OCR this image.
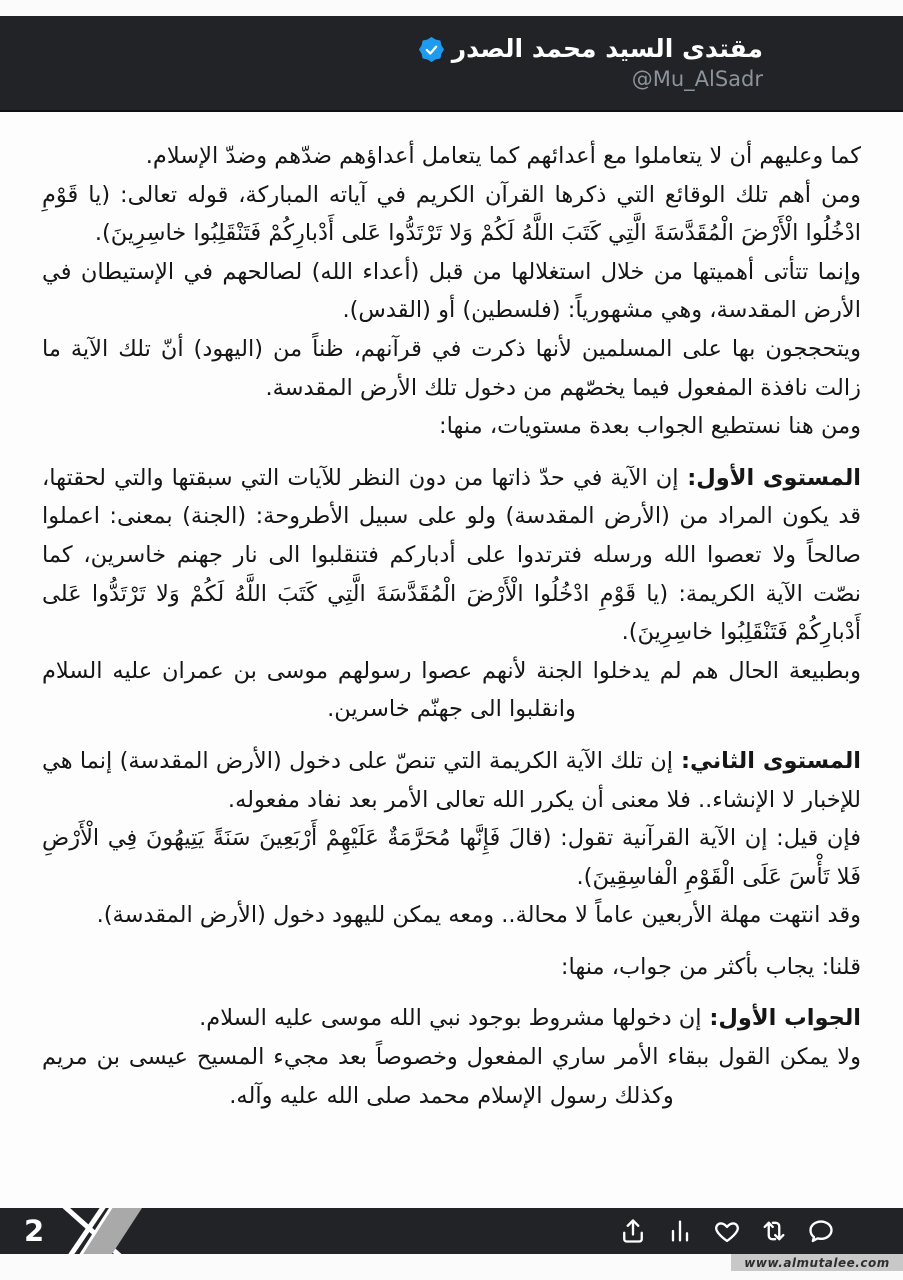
مقتدى السيد محمد الصدر
@Mu_AlSadr

كما وعليهم أن لا يتعاملوا مع أعدائهم كما يتعامل أعداؤهم ضدّهم وضدّ الإسلام.

ومن أهم تلك الوقائع التي ذكرها القرآن الكريم في آياته المباركة، قوله تعالى: (يا قَوْمِ ادْخُلُوا الْأَرْضَ الْمُقَدَّسَةَ الَّتِي كَتَبَ اللَّهُ لَكُمْ وَلا تَرْتَدُّوا عَلى أَدْبارِكُمْ فَتَنْقَلِبُوا خاسِرِينَ).

وإنما تتأتى أهميتها من خلال استغلالها من قبل (أعداء الله) لصالحهم في الإستيطان في الأرض المقدسة، وهي مشهورياً: (فلسطين) أو (القدس).

ويتحججون بها على المسلمين لأنها ذكرت في قرآنهم، ظناً من (اليهود) أنّ تلك الآية ما زالت نافذة المفعول فيما يخصّهم من دخول تلك الأرض المقدسة.

ومن هنا نستطيع الجواب بعدة مستويات، منها:

المستوى الأول: إن الآية في حدّ ذاتها من دون النظر للآيات التي سبقتها والتي لحقتها، قد يكون المراد من (الأرض المقدسة) ولو على سبيل الأطروحة: (الجنة) بمعنى: اعملوا صالحاً ولا تعصوا الله ورسله فترتدوا على أدباركم فتنقلبوا الى نار جهنم خاسرين، كما نصّت الآية الكريمة: (يا قَوْمِ ادْخُلُوا الْأَرْضَ الْمُقَدَّسَةَ الَّتِي كَتَبَ اللَّهُ لَكُمْ وَلا تَرْتَدُّوا عَلى أَدْبارِكُمْ فَتَنْقَلِبُوا خاسِرِينَ).

وبطبيعة الحال هم لم يدخلوا الجنة لأنهم عصوا رسولهم موسى بن عمران عليه السلام وانقلبوا الى جهنّم خاسرين.

المستوى الثاني: إن تلك الآية الكريمة التي تنصّ على دخول (الأرض المقدسة) إنما هي للإخبار لا الإنشاء.. فلا معنى أن يكرر الله تعالى الأمر بعد نفاد مفعوله.

فإن قيل: إن الآية القرآنية تقول: (قالَ فَإِنَّها مُحَرَّمَةٌ عَلَيْهِمْ أَرْبَعِينَ سَنَةً يَتِيهُونَ فِي الْأَرْضِ فَلا تَأْسَ عَلَى الْقَوْمِ الْفاسِقِينَ).

وقد انتهت مهلة الأربعين عاماً لا محالة.. ومعه يمكن لليهود دخول (الأرض المقدسة).

قلنا: يجاب بأكثر من جواب، منها:

الجواب الأول: إن دخولها مشروط بوجود نبي الله موسى عليه السلام.

ولا يمكن القول ببقاء الأمر ساري المفعول وخصوصاً بعد مجيء المسيح عيسى بن مريم وكذلك رسول الإسلام محمد صلى الله عليه وآله.

2
www.almutalee.com
